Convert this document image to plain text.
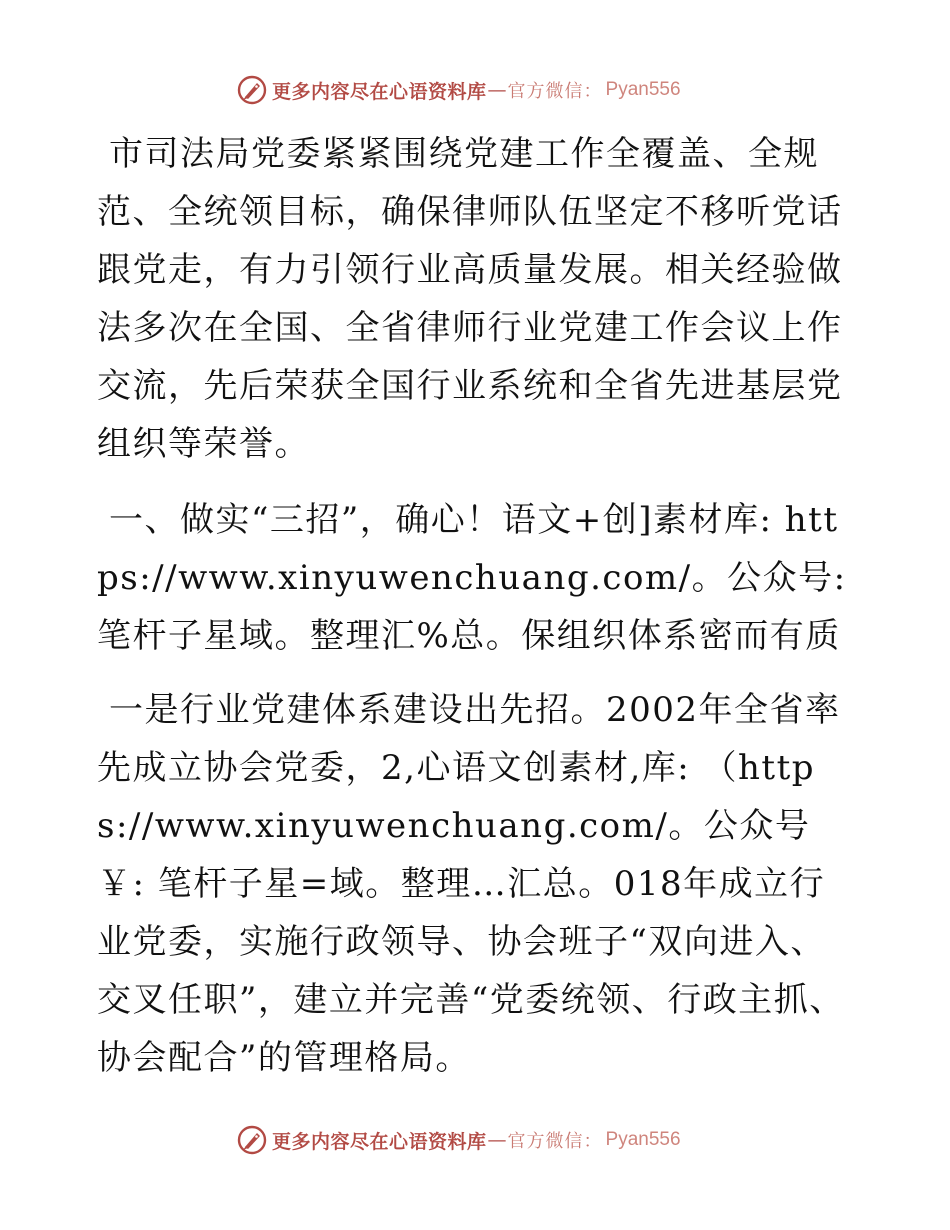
更多内容尽在心语资料库 — 官方微信： Pyan556

市司法局党委紧紧围绕党建工作全覆盖、全规范、全统领目标，确保律师队伍坚定不移听党话跟党走，有力引领行业高质量发展。相关经验做法多次在全国、全省律师行业党建工作会议上作交流，先后荣获全国行业系统和全省先进基层党组织等荣誉。

一、做实“三招”，确心！语文+创]素材库: https://www.xinyuwenchuang.com/。公众号: 笔杆子星域。整理汇%总。保组织体系密而有质

一是行业党建体系建设出先招。2002年全省率先成立协会党委，2,心语文创素材,库: （https://www.xinyuwenchuang.com/。公众号￥: 笔杆子星=域。整理…汇总。018年成立行业党委，实施行政领导、协会班子“双向进入、交叉任职”，建立并完善“党委统领、行政主抓、协会配合”的管理格局。

更多内容尽在心语资料库 — 官方微信： Pyan556
